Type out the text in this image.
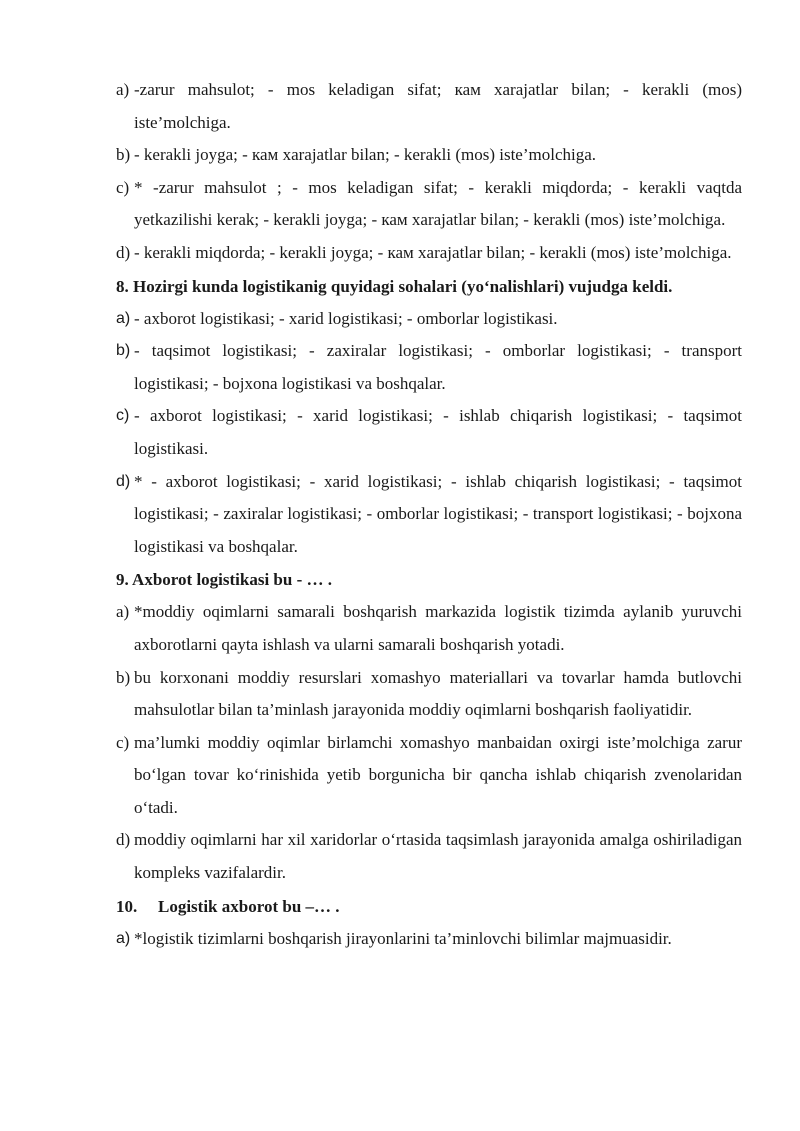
a) -zarur mahsulot; - mos keladigan sifat; кам xarajatlar bilan; - kerakli (mos) iste’molchiga.
b) - kerakli joyga; - кам xarajatlar bilan; - kerakli (mos) iste’molchiga.
c) * -zarur mahsulot ; - mos keladigan sifat; - kerakli miqdorda; - kerakli vaqtda yetkazilishi kerak; - kerakli joyga; - кам xarajatlar bilan; - kerakli (mos) iste’molchiga.
d) - kerakli miqdorda; - kerakli joyga; - кам xarajatlar bilan; - kerakli (mos) iste’molchiga.
8. Hozirgi kunda logistikanig quyidagi sohalari (yo‘nalishlari) vujudga keldi.
a) - axborot logistikasi; - xarid logistikasi; - omborlar logistikasi.
b) - taqsimot logistikasi; - zaxiralar logistikasi; - omborlar logistikasi; - transport logistikasi; - bojxona logistikasi va boshqalar.
c) - axborot logistikasi; - xarid logistikasi; - ishlab chiqarish logistikasi; - taqsimot logistikasi.
d) * - axborot logistikasi; - xarid logistikasi; - ishlab chiqarish logistikasi; - taqsimot logistikasi; - zaxiralar logistikasi; - omborlar logistikasi; - transport logistikasi; - bojxona logistikasi va boshqalar.
9. Axborot logistikasi bu - … .
a) *moddiy oqimlarni samarali boshqarish markazida logistik tizimda aylanib yuruvchi axborotlarni qayta ishlash va ularni samarali boshqarish yotadi.
b) bu korxonani moddiy resurslari xomashyo materiallari va tovarlar hamda butlovchi mahsulotlar bilan ta’minlash jarayonida moddiy oqimlarni boshqarish faoliyatidir.
c) ma’lumki moddiy oqimlar birlamchi xomashyo manbaidan oxirgi iste’molchiga zarur bo‘lgan tovar ko‘rinishida yetib borgunicha bir qancha ishlab chiqarish zvenolaridan o‘tadi.
d) moddiy oqimlarni har xil xaridorlar o‘rtasida taqsimlash jarayonida amalga oshiriladigan kompleks vazifalardir.
10. Logistik axborot bu –… .
a) *logistik tizimlarni boshqarish jirayonlarini ta’minlovchi bilimlar majmuasidir.
